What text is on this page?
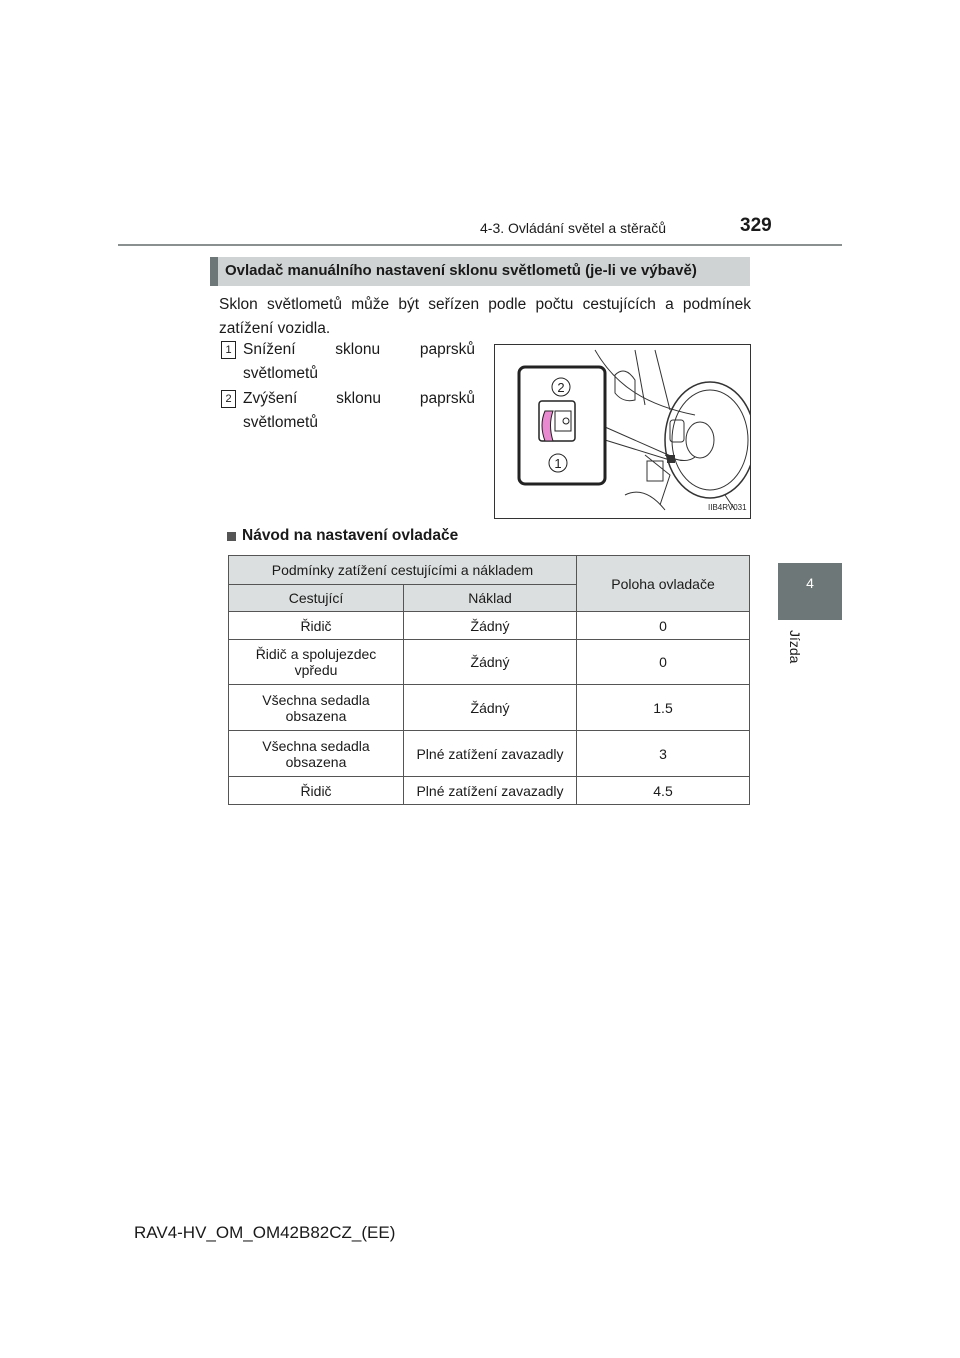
4-3. Ovládání světel a stěračů	329
4
Jízda
Ovladač manuálního nastavení sklonu světlometů (je-li ve výbavě)
Sklon světlometů může být seřízen podle počtu cestujících a podmínek zatížení vozidla.
1 Snížení sklonu paprsků světlometů
2 Zvýšení sklonu paprsků světlometů
2
1
IIB4RV031
Návod na nastavení ovladače
Podmínky zatížení cestujícími a nákladem		Poloha ovladače
Cestující	Náklad	
Řidič	Žádný	0
Řidič a spolujezdec vpředu	Žádný	0
Všechna sedadla obsazena	Žádný	1.5
Všechna sedadla obsazena	Plné zatížení zavazadly	3
Řidič	Plné zatížení zavazadly	4.5
RAV4-HV_OM_OM42B82CZ_(EE)
